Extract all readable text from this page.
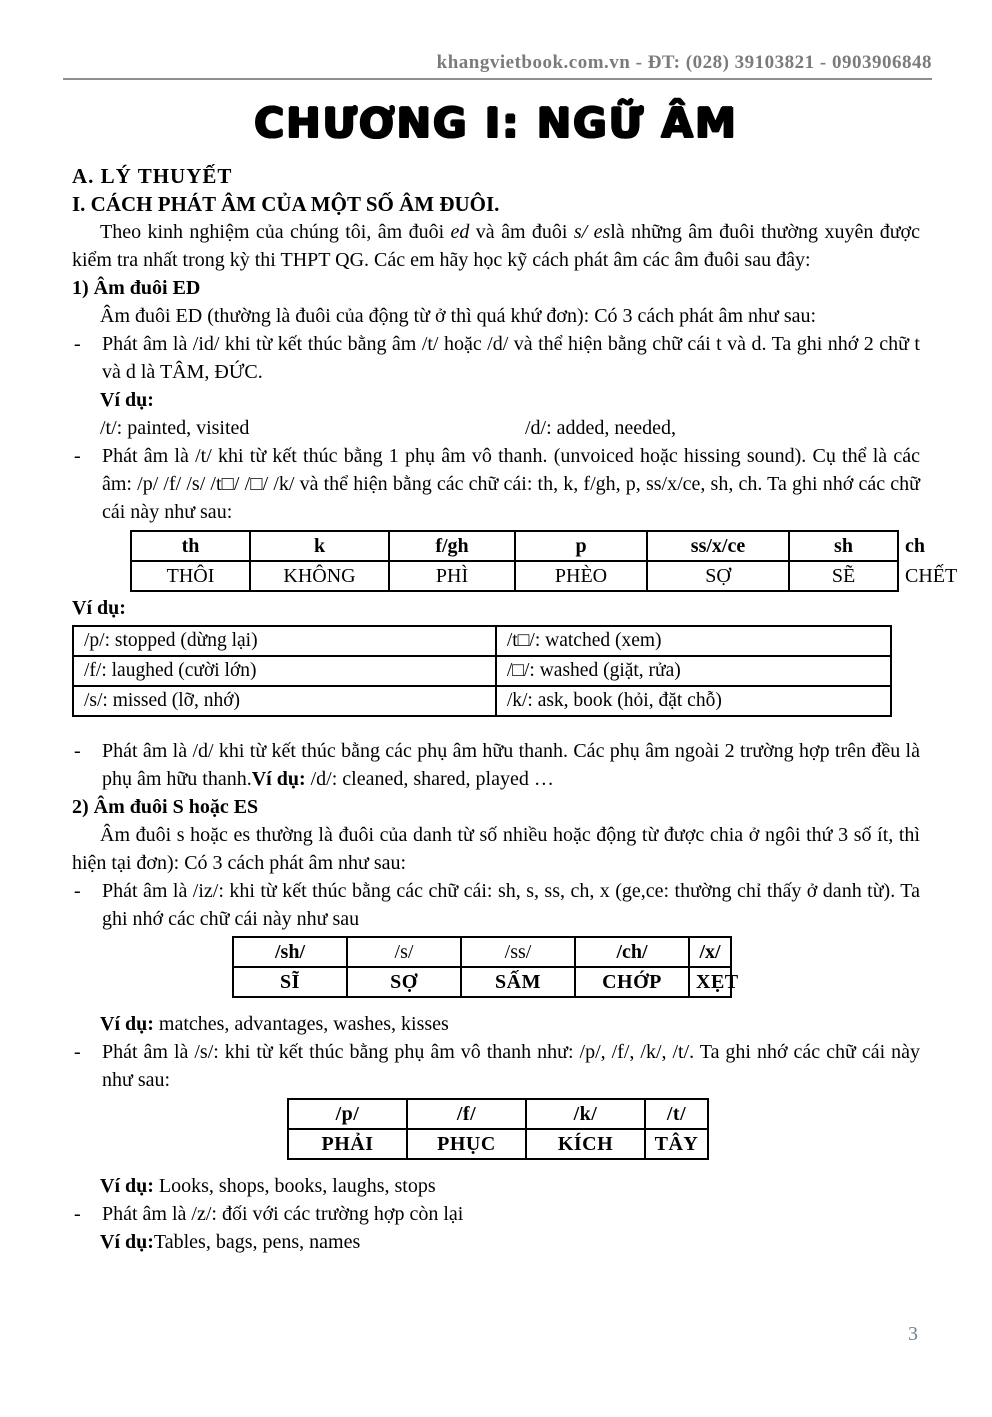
khangvietbook.com.vn - ĐT: (028) 39103821 - 0903906848
CHƯƠNG I: NGỮ ÂM
A. LÝ THUYẾT
I. CÁCH PHÁT ÂM CỦA MỘT SỐ ÂM ĐUÔI.

Theo kinh nghiệm của chúng tôi, âm đuôi ed và âm đuôi s/ eslà những âm đuôi thường xuyên được kiểm tra nhất trong kỳ thi THPT QG. Các em hãy học kỹ cách phát âm các âm đuôi sau đây:

1) Âm đuôi ED

Âm đuôi ED (thường là đuôi của động từ ở thì quá khứ đơn): Có 3 cách phát âm như sau:

-	Phát âm là /id/ khi từ kết thúc bằng âm /t/ hoặc /d/ và thể hiện bằng chữ cái t và d. Ta ghi nhớ 2 chữ t và d là TÂM, ĐỨC.

Ví dụ:

/t/: painted, visited	/d/: added, needed,
-	Phát âm là /t/ khi từ kết thúc bằng 1 phụ âm vô thanh. (unvoiced hoặc hissing sound). Cụ thể là các âm: /p/ /f/ /s/ /t□/ /□/ /k/ và thể hiện bằng các chữ cái: th, k, f/gh, p, ss/x/ce, sh, ch. Ta ghi nhớ các chữ cái này như sau:
th	k	f/gh	p	ss/x/ce	sh	ch
THÔI	KHÔNG	PHÌ	PHÈO	SỢ	SẼ	CHẾT

Ví dụ:

/p/: stopped (dừng lại)	/t□/: watched (xem)
/f/: laughed (cười lớn)	/□/: washed (giặt, rửa)
/s/: missed (lỡ, nhớ)	/k/: ask, book (hỏi, đặt chỗ)
-	Phát âm là /d/ khi từ kết thúc bằng các phụ âm hữu thanh. Các phụ âm ngoài 2 trường hợp trên đều là phụ âm hữu thanh.Ví dụ: /d/: cleaned, shared, played …

2) Âm đuôi S hoặc ES

Âm đuôi s hoặc es thường là đuôi của danh từ số nhiều hoặc động từ được chia ở ngôi thứ 3 số ít, thì hiện tại đơn): Có 3 cách phát âm như sau:

-	Phát âm là /iz/: khi từ kết thúc bằng các chữ cái: sh, s, ss, ch, x (ge,ce: thường chỉ thấy ở danh từ). Ta ghi nhớ các chữ cái này như sau
/sh/	/s/	/ss/	/ch/	/x/
SĨ	SỢ	SẤM	CHỚP	XẸT

Ví dụ: matches, advantages, washes, kisses

-	Phát âm là /s/: khi từ kết thúc bằng phụ âm vô thanh như: /p/, /f/, /k/, /t/. Ta ghi nhớ các chữ cái này như sau:
/p/	/f/	/k/	/t/
PHẢI	PHỤC	KÍCH	TÂY

Ví dụ: Looks, shops, books, laughs, stops

-	Phát âm là /z/: đối với các trường hợp còn lại

Ví dụ:Tables, bags, pens, names

3
